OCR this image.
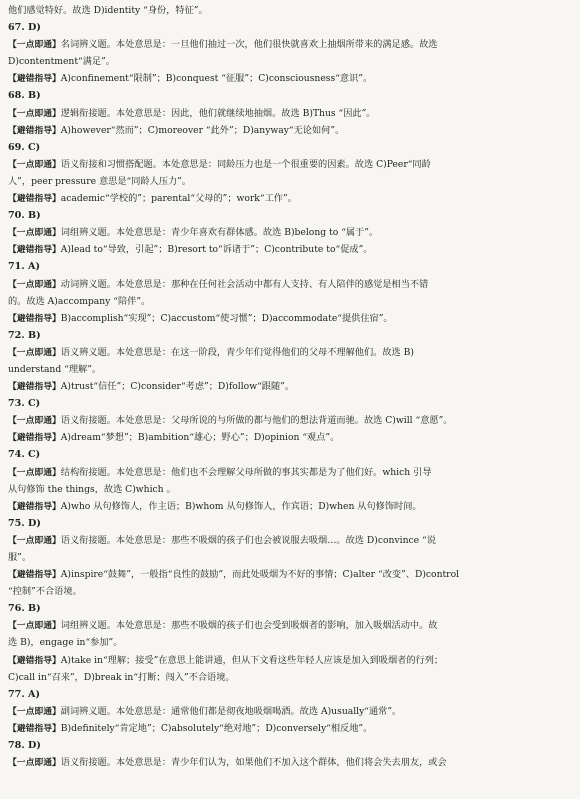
他们感觉特好。故选 D)identity “身份，特征”。
67. D)
【一点即通】名词辨义题。本处意思是：一旦他们抽过一次，他们很快就喜欢上抽烟所带来的满足感。故选
D)contentment“满足”。
【避错指导】A)confinement“限制”；B)conquest “征服”；C)consciousness“意识”。
68. B)
【一点即通】逻辑衔接题。本处意思是：因此，他们就继续地抽烟。故选 B)Thus “因此”。
【避错指导】A)however“然而”；C)moreover “此外”；D)anyway“无论如何”。
69. C)
【一点即通】语义衔接和习惯搭配题。本处意思是：同龄压力也是一个很重要的因素。故选 C)Peer“同龄
人”，peer pressure 意思是“同龄人压力”。
【避错指导】academic“学校的”；parental“父母的”；work“工作”。
70. B)
【一点即通】词组辨义题。本处意思是：青少年喜欢有群体感。故选 B)belong to “属于”。
【避错指导】A)lead to“导致，引起”；B)resort to“诉诸于”；C)contribute to“促成”。
71. A)
【一点即通】动词辨义题。本处意思是：那种在任何社会活动中都有人支持、有人陪伴的感觉是相当不错
的。故选 A)accompany “陪伴”。
【避错指导】B)accomplish“实现”；C)accustom“使习惯”；D)accommodate“提供住宿”。
72. B)
【一点即通】语义辨义题。本处意思是：在这一阶段，青少年们觉得他们的父母不理解他们。故选 B)
understand “理解”。
【避错指导】A)trust“信任”；C)consider“考虑”；D)follow“跟随”。
73. C)
【一点即通】语义衔接题。本处意思是：父母所说的与所做的都与他们的想法背道而驰。故选 C)will “意愿”。
【避错指导】A)dream“梦想”；B)ambition“雄心；野心”；D)opinion “观点”。
74. C)
【一点即通】结构衔接题。本处意思是：他们也不会理解父母所做的事其实都是为了他们好。which 引导
从句修饰 the things，故选 C)which 。
【避错指导】A)who 从句修饰人，作主语；B)whom 从句修饰人，作宾语；D)when 从句修饰时间。
75. D)
【一点即通】语义衔接题。本处意思是：那些不吸烟的孩子们也会被说服去吸烟…。故选 D)convince “说
服”。
【避错指导】A)inspire“鼓舞”，一般指“良性的鼓励”，而此处吸烟为不好的事情；C)alter “改变”、D)control
“控制”不合语境。
76. B)
【一点即通】词组辨义题。本处意思是：那些不吸烟的孩子们也会受到吸烟者的影响，加入吸烟活动中。故
选 B)，engage in“参加”。
【避错指导】A)take in“理解；接受”在意思上能讲通，但从下文看这些年轻人应该是加入到吸烟者的行列；
C)call in“召来”，D)break in“打断；闯入”不合语境。
77. A)
【一点即通】副词辨义题。本处意思是：通常他们都是彻夜地吸烟喝酒。故选 A)usually“通常”。
【避错指导】B)definitely“肯定地”；C)absolutely“绝对地”；D)conversely“相反地”。
78. D)
【一点即通】语义衔接题。本处意思是：青少年们认为，如果他们不加入这个群体，他们将会失去朋友，或会
